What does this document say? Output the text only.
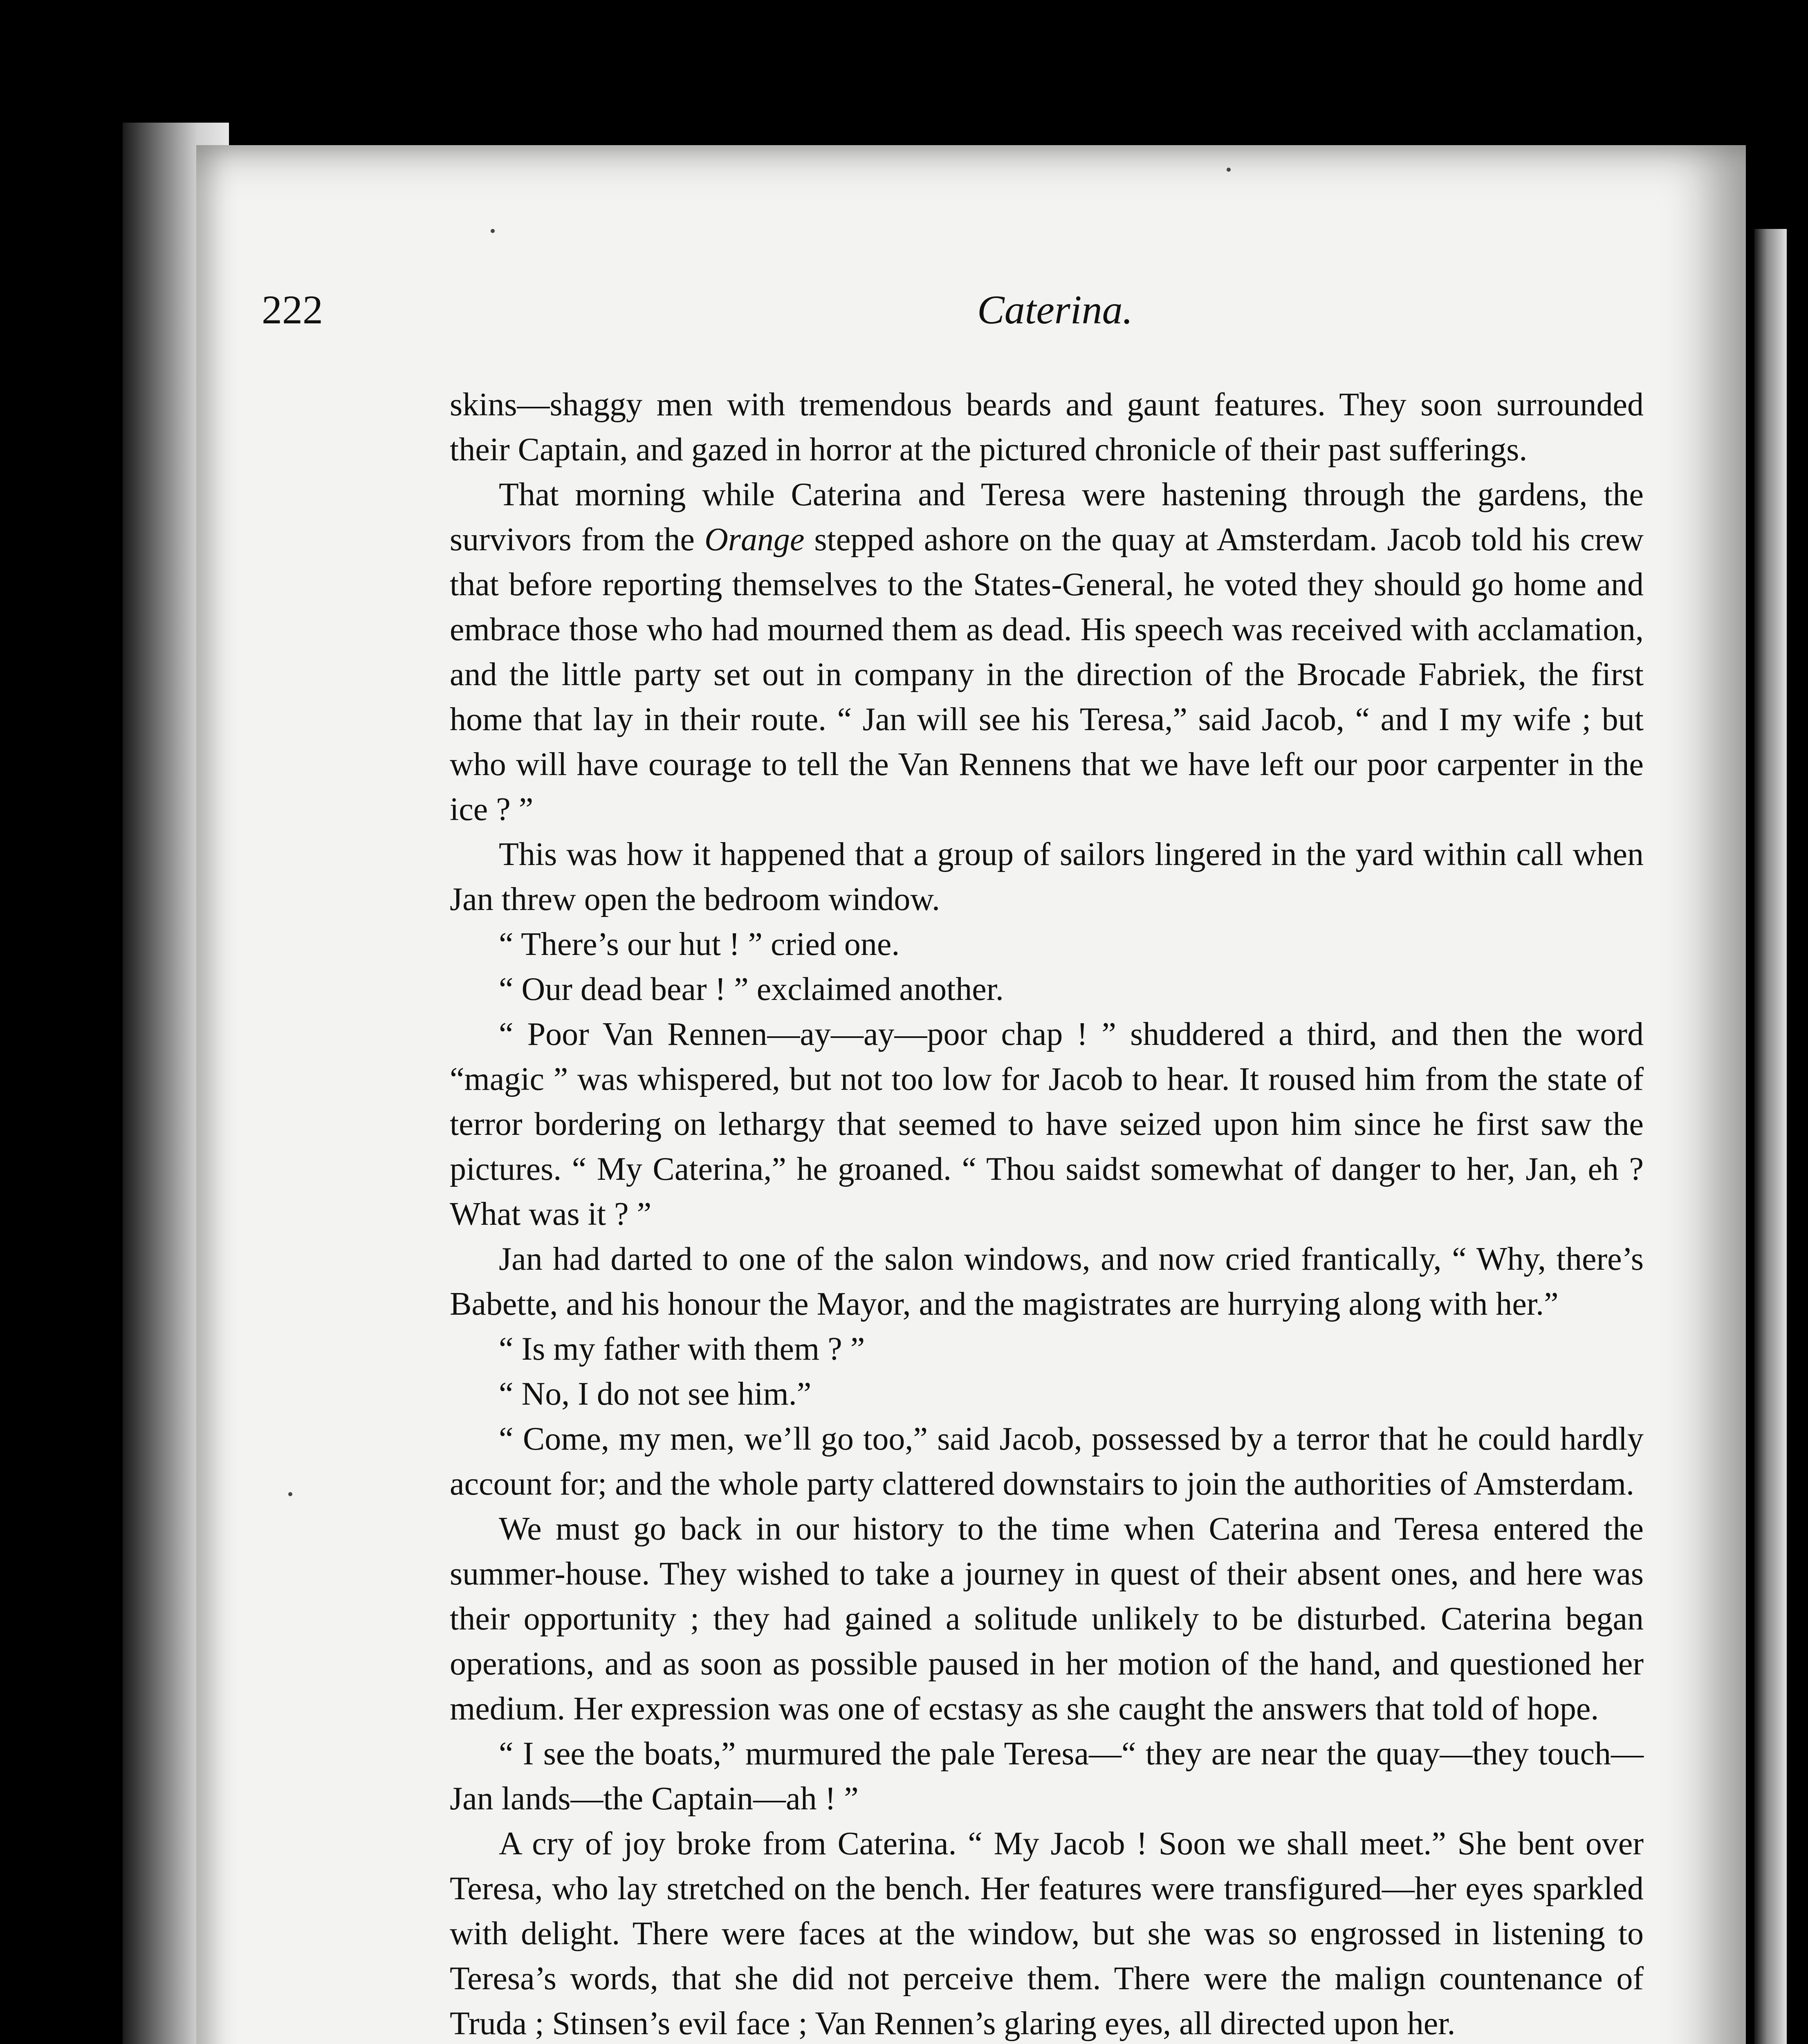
222	Caterina.

skins—shaggy men with tremendous beards and gaunt features. They soon surrounded their Captain, and gazed in horror at the pictured chronicle of their past sufferings.

That morning while Caterina and Teresa were hastening through the gardens, the survivors from the Orange stepped ashore on the quay at Amsterdam. Jacob told his crew that before reporting themselves to the States-General, he voted they should go home and embrace those who had mourned them as dead. His speech was received with acclamation, and the little party set out in company in the direction of the Brocade Fabriek, the first home that lay in their route. “ Jan will see his Teresa,” said Jacob, “ and I my wife ; but who will have courage to tell the Van Rennens that we have left our poor carpenter in the ice ? ”

This was how it happened that a group of sailors lingered in the yard within call when Jan threw open the bedroom window.

“ There’s our hut ! ” cried one.

“ Our dead bear ! ” exclaimed another.

“ Poor Van Rennen—ay—ay—poor chap ! ” shuddered a third, and then the word “magic ” was whispered, but not too low for Jacob to hear. It roused him from the state of terror bordering on lethargy that seemed to have seized upon him since he first saw the pictures. “ My Caterina,” he groaned. “ Thou saidst somewhat of danger to her, Jan, eh ? What was it ? ”

Jan had darted to one of the salon windows, and now cried frantically, “ Why, there’s Babette, and his honour the Mayor, and the magistrates are hurrying along with her.”

“ Is my father with them ? ”

“ No, I do not see him.”

“ Come, my men, we’ll go too,” said Jacob, possessed by a terror that he could hardly account for; and the whole party clattered downstairs to join the authorities of Amsterdam.

We must go back in our history to the time when Caterina and Teresa entered the summer-house. They wished to take a journey in quest of their absent ones, and here was their opportunity ; they had gained a solitude unlikely to be disturbed. Caterina began operations, and as soon as possible paused in her motion of the hand, and questioned her medium. Her expression was one of ecstasy as she caught the answers that told of hope.

“ I see the boats,” murmured the pale Teresa—“ they are near the quay—they touch—Jan lands—the Captain—ah ! ”

A cry of joy broke from Caterina. “ My Jacob ! Soon we shall meet.” She bent over Teresa, who lay stretched on the bench. Her features were transfigured—her eyes sparkled with delight. There were faces at the window, but she was so engrossed in listening to Teresa’s words, that she did not perceive them. There were the malign countenance of Truda ; Stinsen’s evil face ; Van Rennen’s glaring eyes, all directed upon her.
